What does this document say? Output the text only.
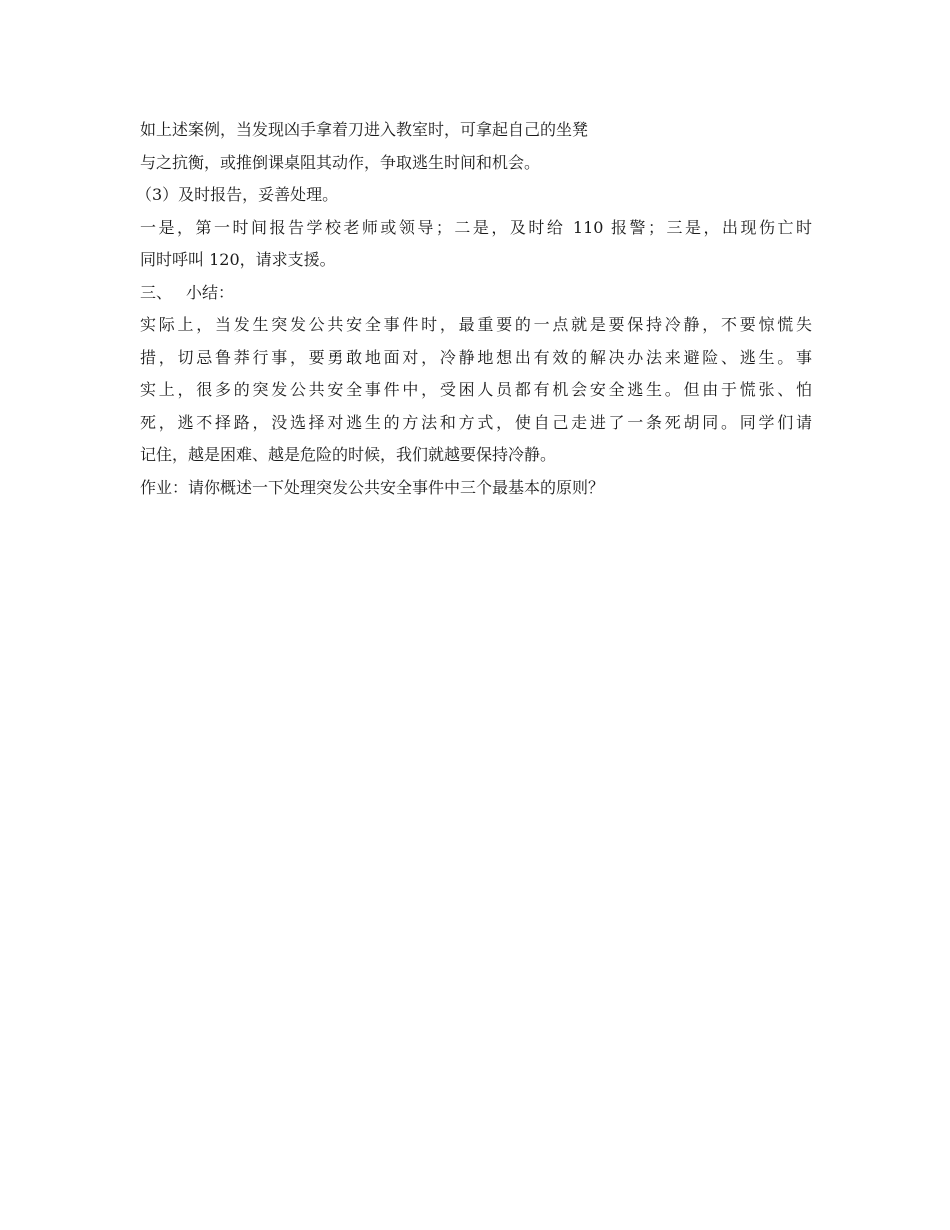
如上述案例，当发现凶手拿着刀进入教室时，可拿起自己的坐凳
与之抗衡，或推倒课桌阻其动作，争取逃生时间和机会。
（3）及时报告，妥善处理。
一是，第一时间报告学校老师或领导；二是，及时给 110 报警；三是，出现伤亡时
同时呼叫 120，请求支援。
三、 小结：
实际上，当发生突发公共安全事件时，最重要的一点就是要保持冷静，不要惊慌失
措，切忌鲁莽行事，要勇敢地面对，冷静地想出有效的解决办法来避险、逃生。事
实上，很多的突发公共安全事件中，受困人员都有机会安全逃生。但由于慌张、怕
死，逃不择路，没选择对逃生的方法和方式，使自己走进了一条死胡同。同学们请
记住，越是困难、越是危险的时候，我们就越要保持冷静。
作业：请你概述一下处理突发公共安全事件中三个最基本的原则？
